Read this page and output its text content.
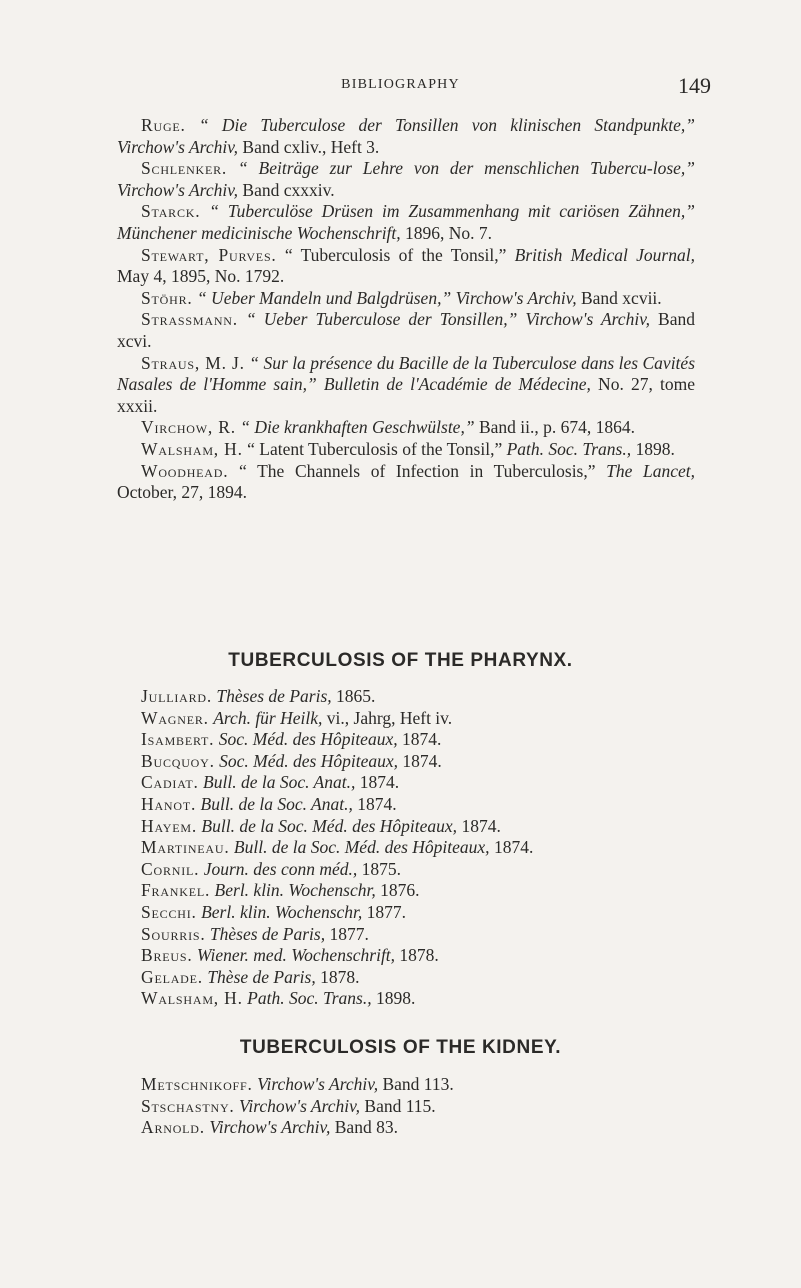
BIBLIOGRAPHY	149

Ruge. “ Die Tuberculose der Tonsillen von klinischen Standpunkte,” Virchow's Archiv, Band cxliv., Heft 3.

Schlenker. “ Beiträge zur Lehre von der menschlichen Tubercu-lose,” Virchow's Archiv, Band cxxxiv.

Starck. “ Tuberculöse Drüsen im Zusammenhang mit cariösen Zähnen,” Münchener medicinische Wochenschrift, 1896, No. 7.

Stewart, Purves. “ Tuberculosis of the Tonsil,” British Medical Journal, May 4, 1895, No. 1792.

Stöhr. “ Ueber Mandeln und Balgdrüsen,” Virchow's Archiv, Band xcvii.

Strassmann. “ Ueber Tuberculose der Tonsillen,” Virchow's Archiv, Band xcvi.

Straus, M. J. “ Sur la présence du Bacille de la Tuberculose dans les Cavités Nasales de l'Homme sain,” Bulletin de l'Académie de Médecine, No. 27, tome xxxii.

Virchow, R. “ Die krankhaften Geschwülste,” Band ii., p. 674, 1864.

Walsham, H. “ Latent Tuberculosis of the Tonsil,” Path. Soc. Trans., 1898.

Woodhead. “ The Channels of Infection in Tuberculosis,” The Lancet, October, 27, 1894.

TUBERCULOSIS OF THE PHARYNX.

Julliard. Thèses de Paris, 1865.

Wagner. Arch. für Heilk, vi., Jahrg, Heft iv.

Isambert. Soc. Méd. des Hôpiteaux, 1874.

Bucquoy. Soc. Méd. des Hôpiteaux, 1874.

Cadiat. Bull. de la Soc. Anat., 1874.

Hanot. Bull. de la Soc. Anat., 1874.

Hayem. Bull. de la Soc. Méd. des Hôpiteaux, 1874.

Martineau. Bull. de la Soc. Méd. des Hôpiteaux, 1874.

Cornil. Journ. des conn méd., 1875.

Frankel. Berl. klin. Wochenschr, 1876.

Secchi. Berl. klin. Wochenschr, 1877.

Sourris. Thèses de Paris, 1877.

Breus. Wiener. med. Wochenschrift, 1878.

Gelade. Thèse de Paris, 1878.

Walsham, H. Path. Soc. Trans., 1898.

TUBERCULOSIS OF THE KIDNEY.

Metschnikoff. Virchow's Archiv, Band 113.

Stschastny. Virchow's Archiv, Band 115.

Arnold. Virchow's Archiv, Band 83.
